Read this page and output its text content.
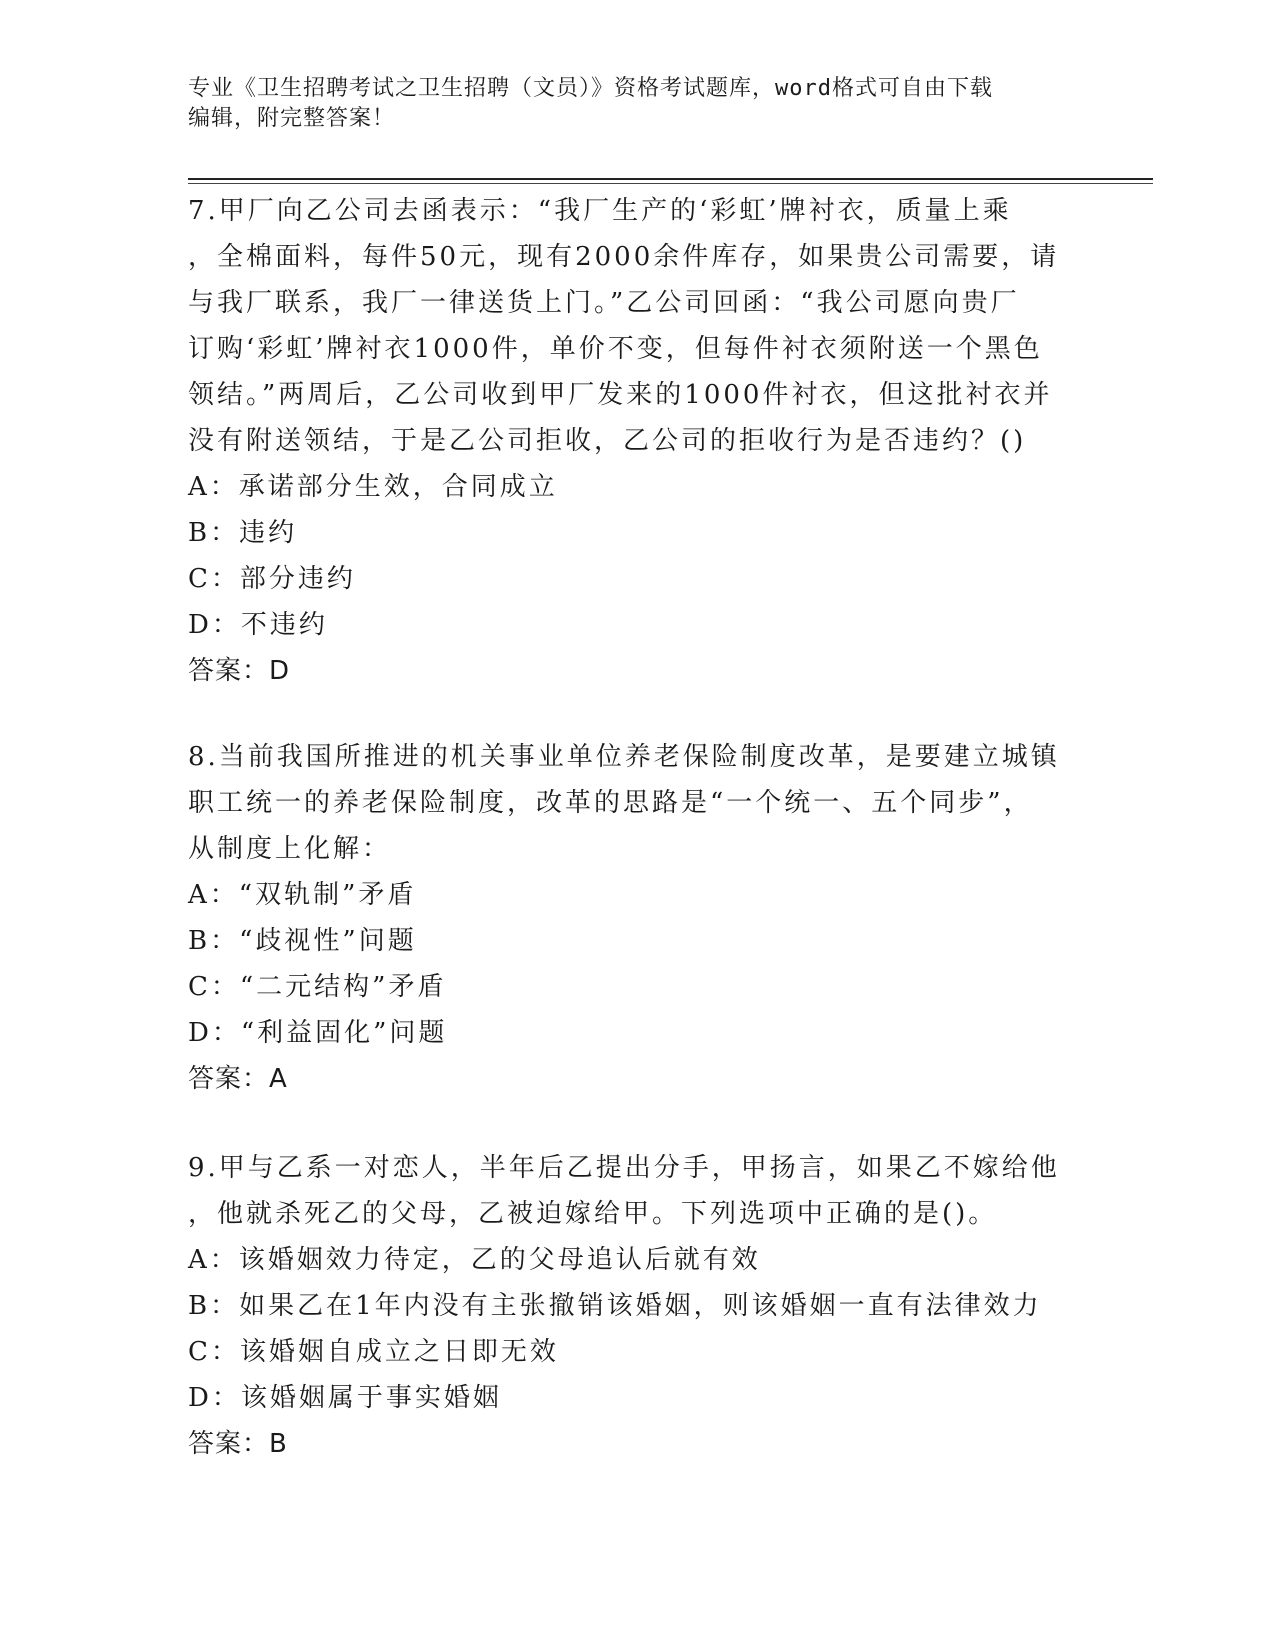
专业《卫生招聘考试之卫生招聘（文员）》资格考试题库，word格式可自由下载
编辑，附完整答案！
7.甲厂向乙公司去函表示：“我厂生产的‘彩虹’牌衬衣，质量上乘
，全棉面料，每件50元，现有2000余件库存，如果贵公司需要，请
与我厂联系，我厂一律送货上门。”乙公司回函：“我公司愿向贵厂
订购‘彩虹’牌衬衣1000件，单价不变，但每件衬衣须附送一个黑色
领结。”两周后，乙公司收到甲厂发来的1000件衬衣，但这批衬衣并
没有附送领结，于是乙公司拒收，乙公司的拒收行为是否违约？()
A：承诺部分生效，合同成立
B：违约
C：部分违约
D：不违约
答案：D
8.当前我国所推进的机关事业单位养老保险制度改革，是要建立城镇
职工统一的养老保险制度，改革的思路是“一个统一、五个同步”，
从制度上化解：
A：“双轨制”矛盾
B：“歧视性”问题
C：“二元结构”矛盾
D：“利益固化”问题
答案：A
9.甲与乙系一对恋人，半年后乙提出分手，甲扬言，如果乙不嫁给他
，他就杀死乙的父母，乙被迫嫁给甲。下列选项中正确的是()。
A：该婚姻效力待定，乙的父母追认后就有效
B：如果乙在1年内没有主张撤销该婚姻，则该婚姻一直有法律效力
C：该婚姻自成立之日即无效
D：该婚姻属于事实婚姻
答案：B
